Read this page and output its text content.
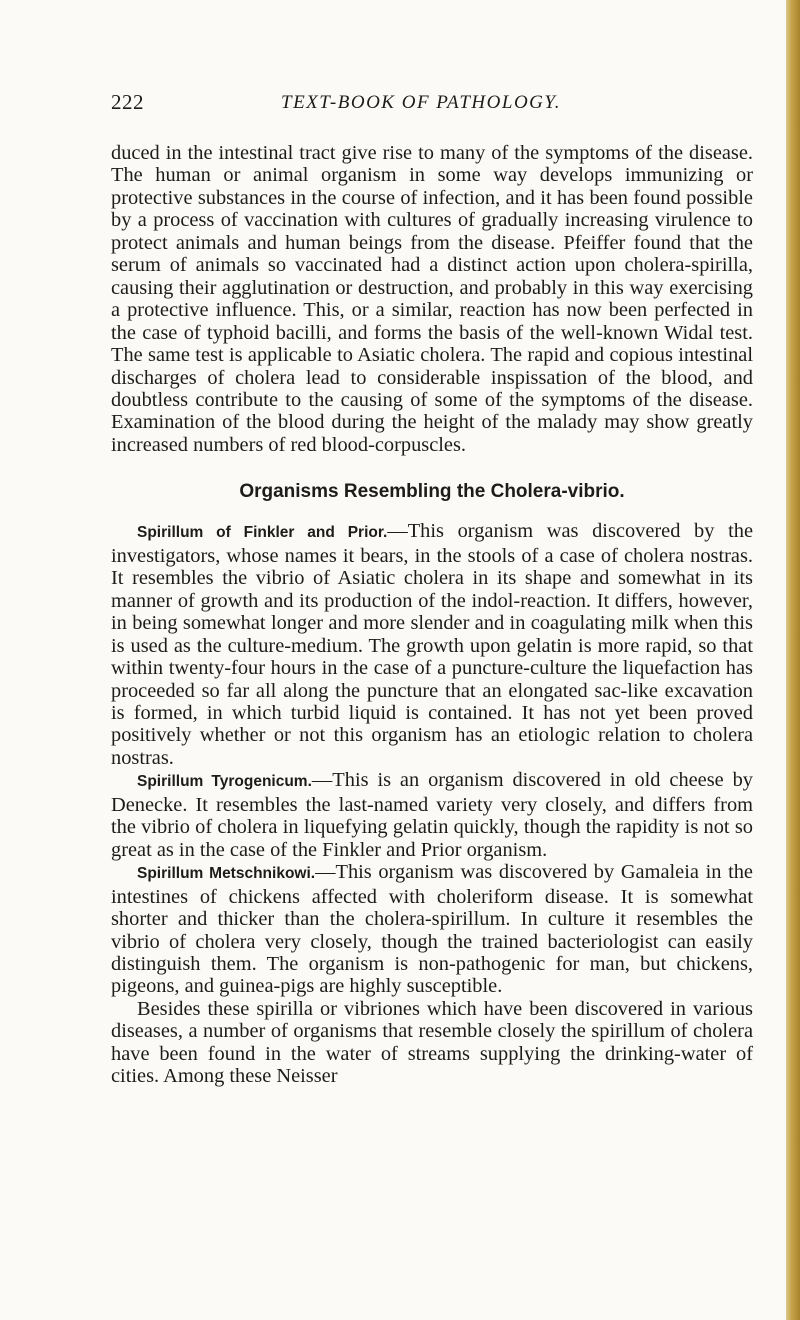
222	TEXT-BOOK OF PATHOLOGY.

duced in the intestinal tract give rise to many of the symptoms of the disease. The human or animal organism in some way develops immunizing or protective substances in the course of infection, and it has been found possible by a process of vaccination with cultures of gradually increasing virulence to protect animals and human beings from the disease. Pfeiffer found that the serum of animals so vaccinated had a distinct action upon cholera-spirilla, causing their agglutination or destruction, and probably in this way exercising a protective influence. This, or a similar, reaction has now been perfected in the case of typhoid bacilli, and forms the basis of the well-known Widal test. The same test is applicable to Asiatic cholera. The rapid and copious intestinal discharges of cholera lead to considerable inspissation of the blood, and doubtless contribute to the causing of some of the symptoms of the disease. Examination of the blood during the height of the malady may show greatly increased numbers of red blood-corpuscles.

Organisms Resembling the Cholera-vibrio.

Spirillum of Finkler and Prior.—This organism was discovered by the investigators, whose names it bears, in the stools of a case of cholera nostras. It resembles the vibrio of Asiatic cholera in its shape and somewhat in its manner of growth and its production of the indol-reaction. It differs, however, in being somewhat longer and more slender and in coagulating milk when this is used as the culture-medium. The growth upon gelatin is more rapid, so that within twenty-four hours in the case of a puncture-culture the liquefaction has proceeded so far all along the puncture that an elongated sac-like excavation is formed, in which turbid liquid is contained. It has not yet been proved positively whether or not this organism has an etiologic relation to cholera nostras.

Spirillum Tyrogenicum.—This is an organism discovered in old cheese by Denecke. It resembles the last-named variety very closely, and differs from the vibrio of cholera in liquefying gelatin quickly, though the rapidity is not so great as in the case of the Finkler and Prior organism.

Spirillum Metschnikowi.—This organism was discovered by Gamaleia in the intestines of chickens affected with choleriform disease. It is somewhat shorter and thicker than the cholera-spirillum. In culture it resembles the vibrio of cholera very closely, though the trained bacteriologist can easily distinguish them. The organism is non-pathogenic for man, but chickens, pigeons, and guinea-pigs are highly susceptible.

Besides these spirilla or vibriones which have been discovered in various diseases, a number of organisms that resemble closely the spirillum of cholera have been found in the water of streams supplying the drinking-water of cities. Among these Neisser
